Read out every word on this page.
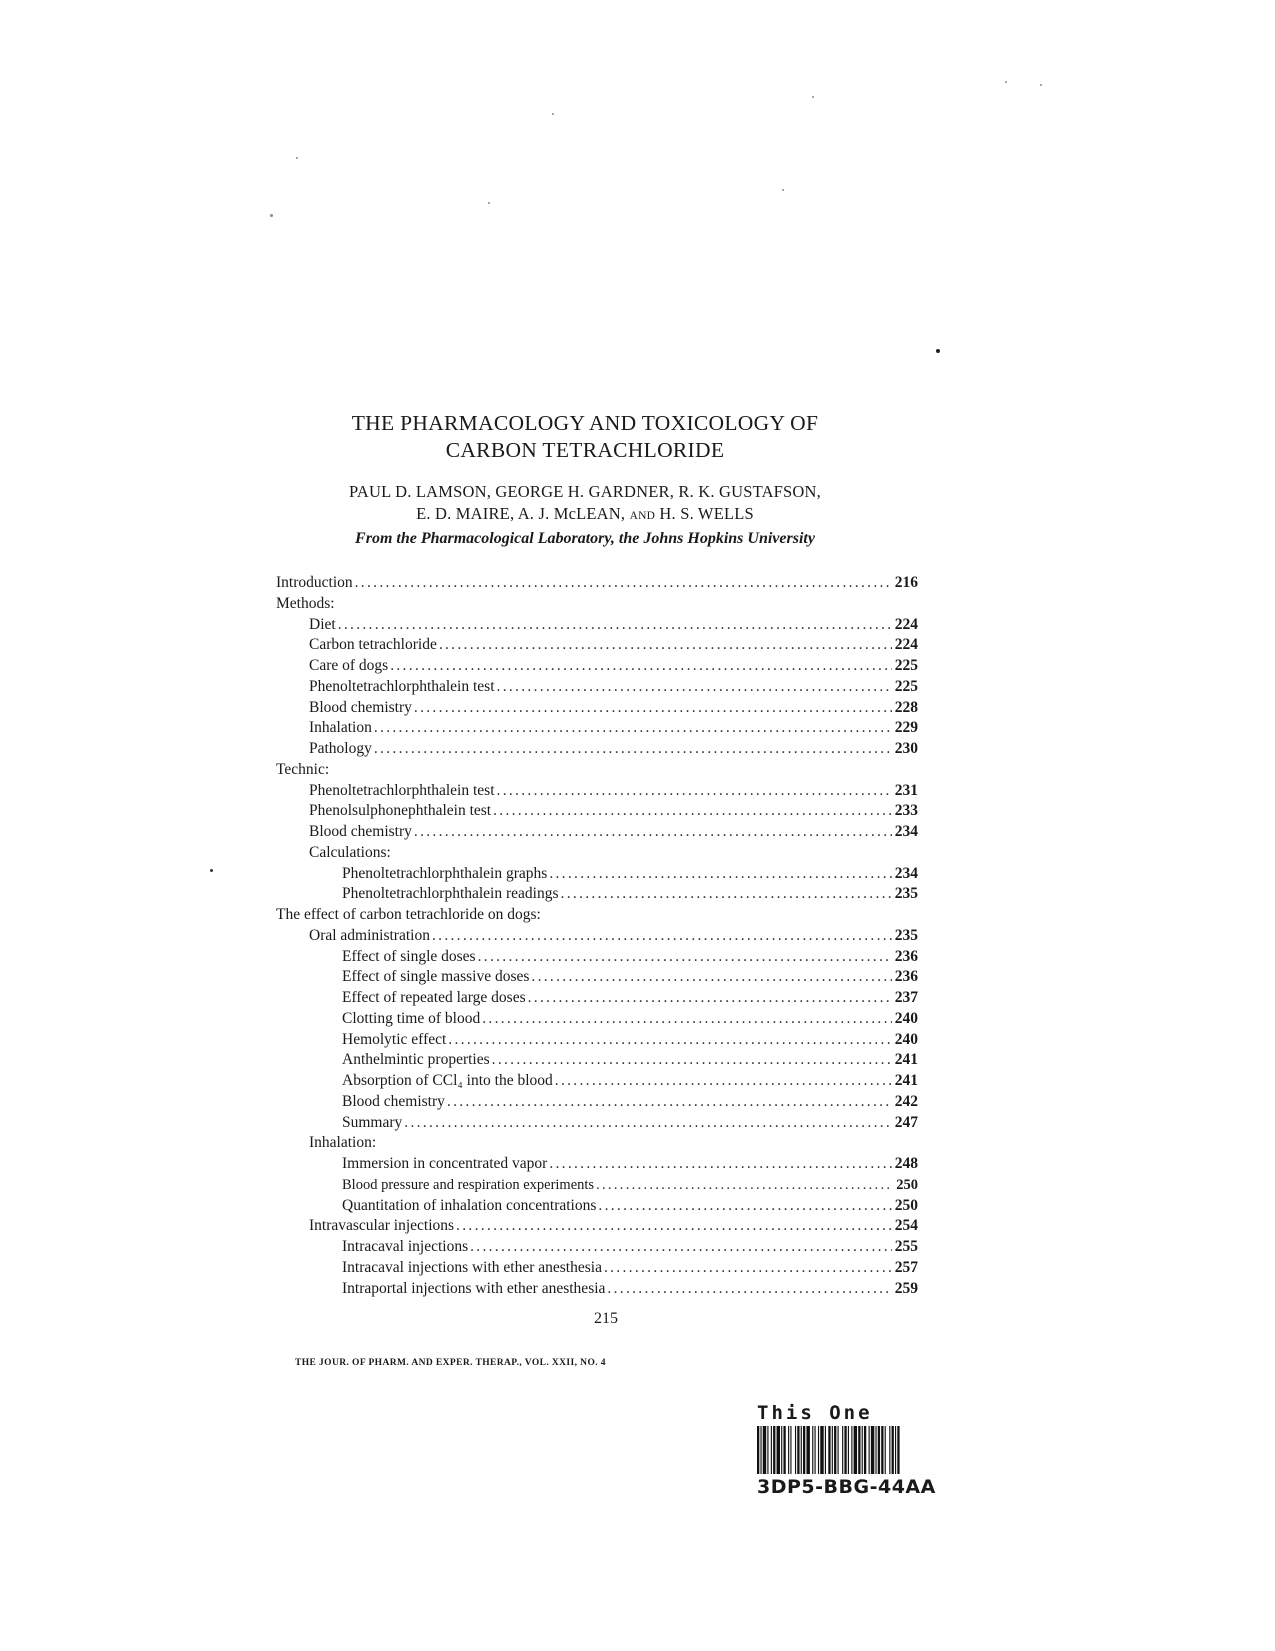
THE PHARMACOLOGY AND TOXICOLOGY OF
CARBON TETRACHLORIDE
PAUL D. LAMSON, GEORGE H. GARDNER, R. K. GUSTAFSON,
E. D. MAIRE, A. J. McLEAN, AND H. S. WELLS
From the Pharmacological Laboratory, the Johns Hopkins University
Introduction .....	216
Methods:
Diet .....	224
Carbon tetrachloride .....	224
Care of dogs .....	225
Phenoltetrachlorphthalein test .....	225
Blood chemistry .....	228
Inhalation .....	229
Pathology .....	230
Technic:
Phenoltetrachlorphthalein test .....	231
Phenolsulphonephthalein test .....	233
Blood chemistry .....	234
Calculations:
Phenoltetrachlorphthalein graphs .....	234
Phenoltetrachlorphthalein readings .....	235
The effect of carbon tetrachloride on dogs:
Oral administration .....	235
Effect of single doses .....	236
Effect of single massive doses .....	236
Effect of repeated large doses .....	237
Clotting time of blood .....	240
Hemolytic effect .....	240
Anthelmintic properties .....	241
Absorption of CCl₄ into the blood .....	241
Blood chemistry .....	242
Summary .....	247
Inhalation:
Immersion in concentrated vapor .....	248
Blood pressure and respiration experiments .....	250
Quantitation of inhalation concentrations .....	250
Intravascular injections .....	254
Intracaval injections .....	255
Intracaval injections with ether anesthesia .....	257
Intraportal injections with ether anesthesia .....	259
215
THE JOUR. OF PHARM. AND EXPER. THERAP., VOL. XXII, NO. 4
This One
3DP5-BBG-44AA
